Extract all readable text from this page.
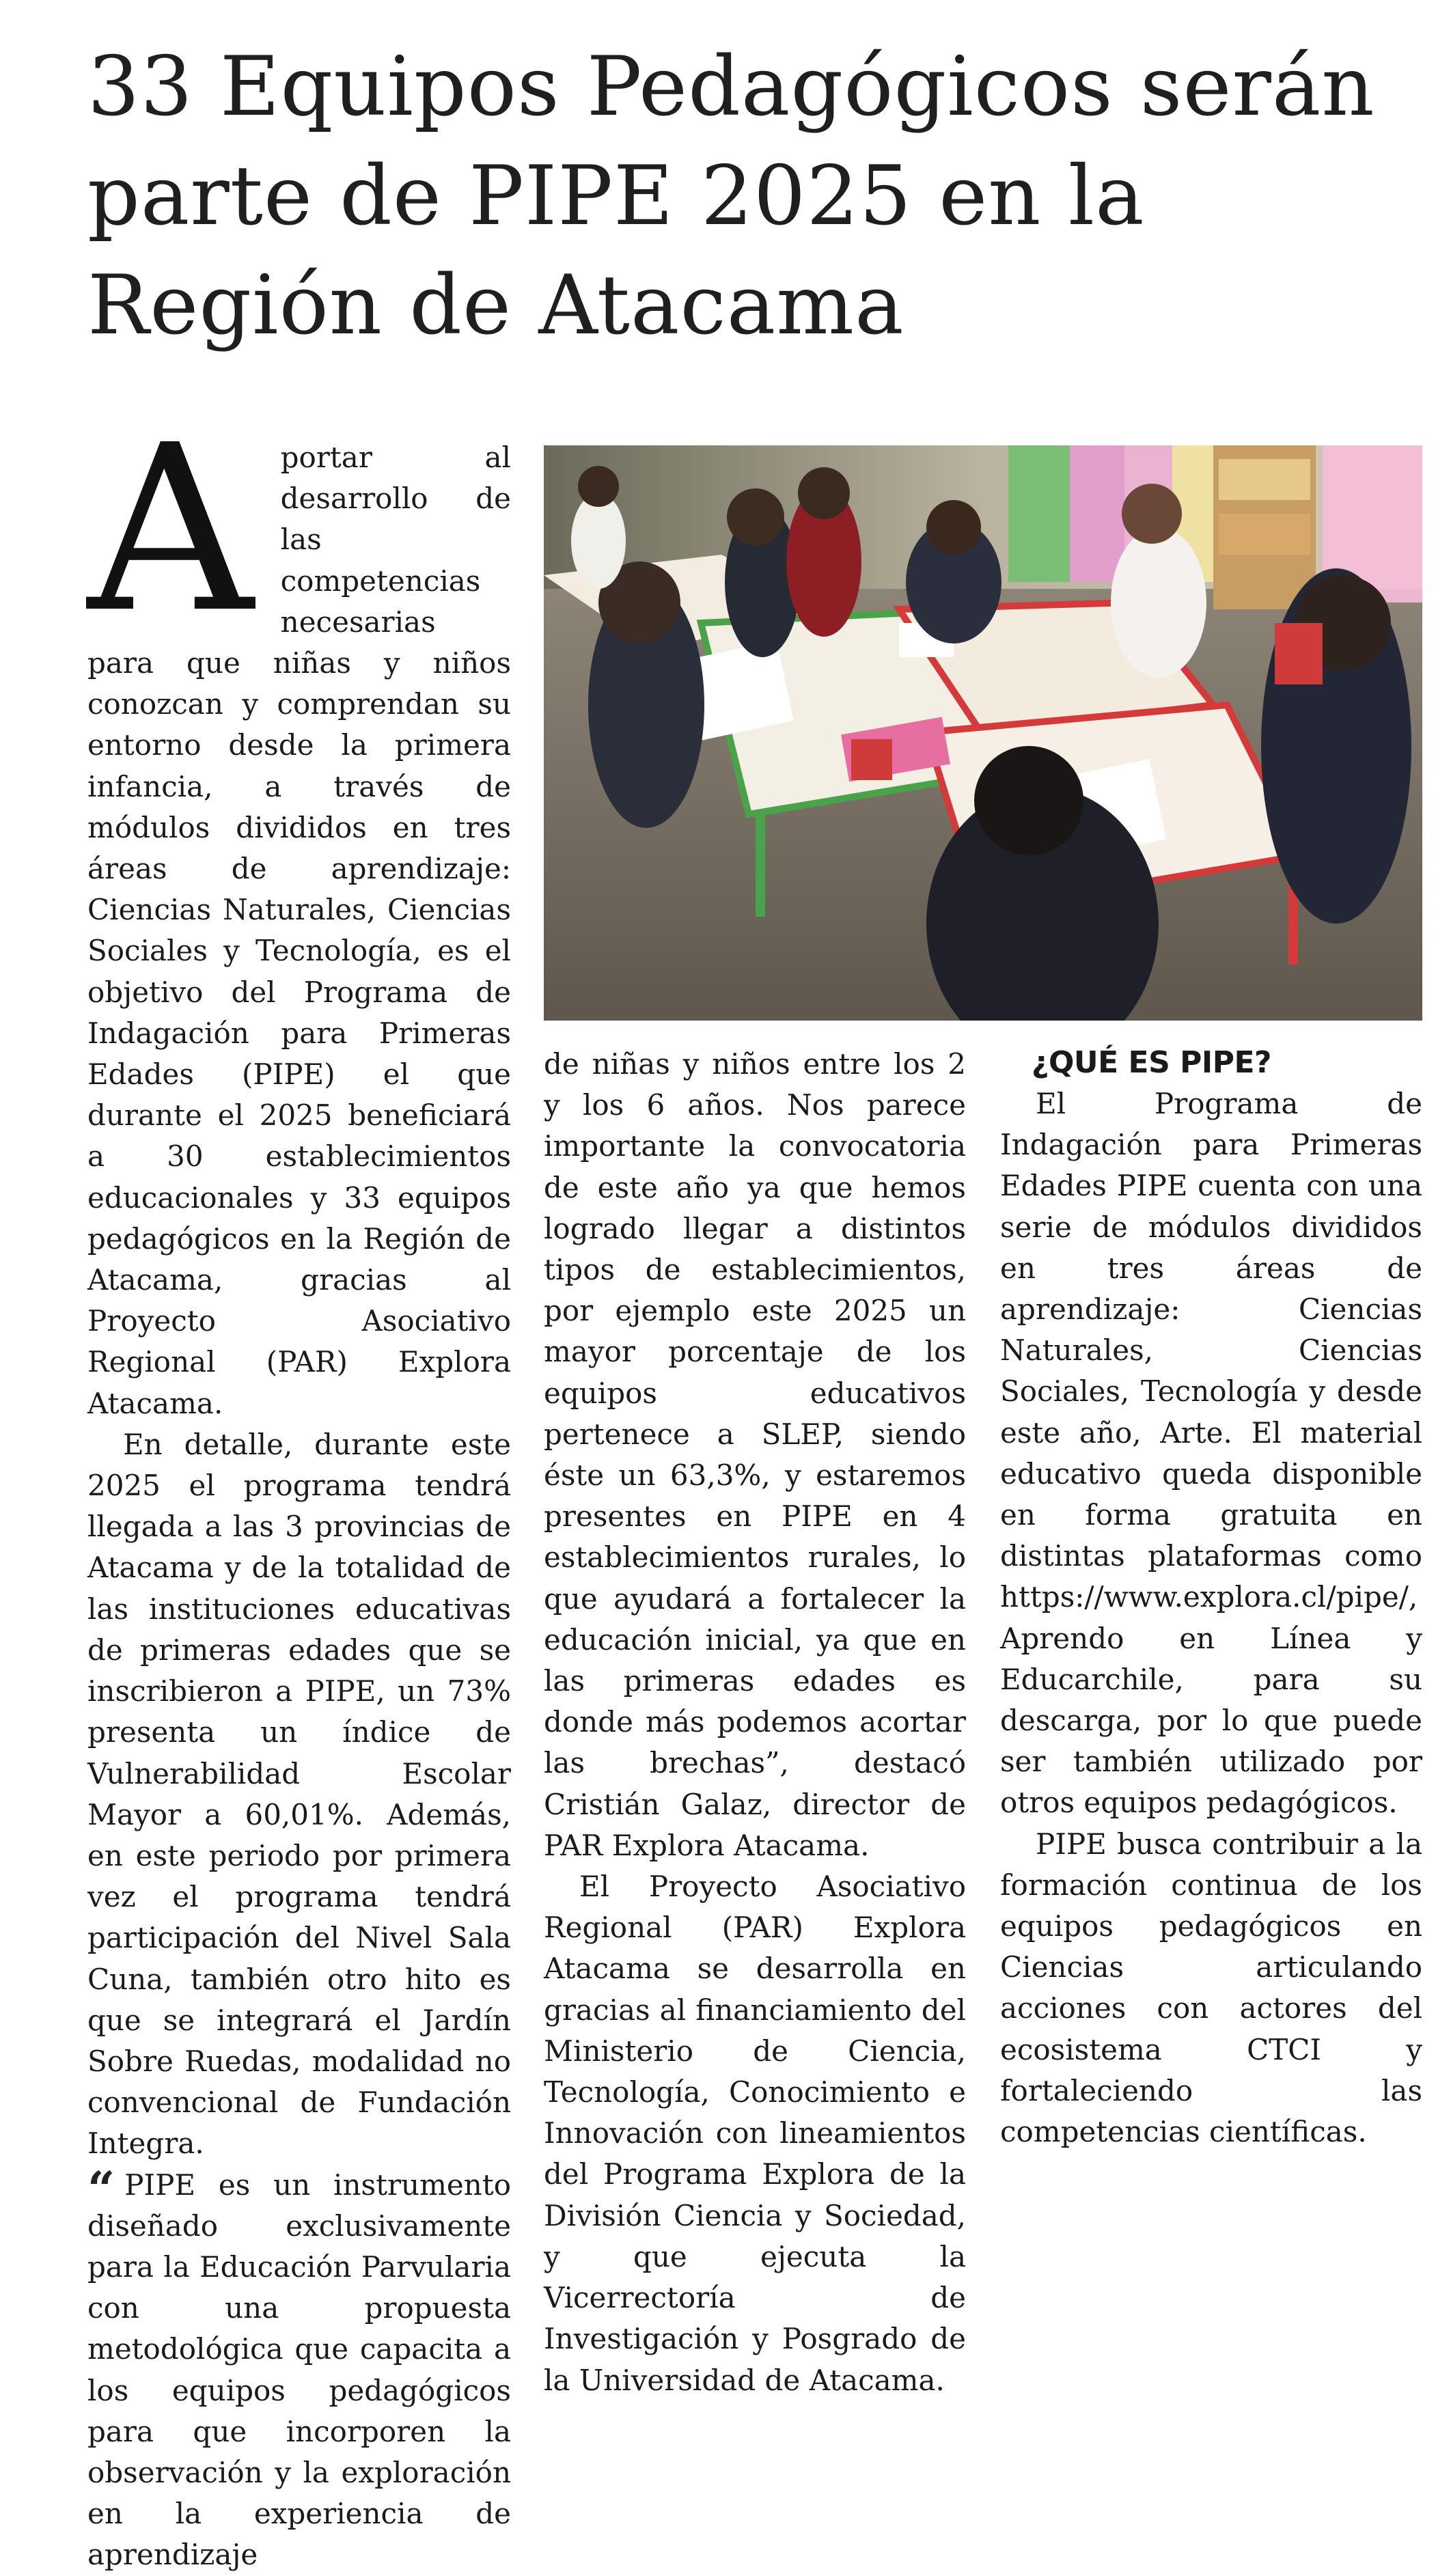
33 Equipos Pedagógicos serán parte de PIPE 2025 en la Región de Atacama
A portar al desarrollo de las competencias necesarias para que niñas y niños conozcan y comprendan su entorno desde la primera infancia, a través de módulos divididos en tres áreas de aprendizaje: Ciencias Naturales, Ciencias Sociales y Tecnología, es el objetivo del Programa de Indagación para Primeras Edades (PIPE) el que durante el 2025 beneficiará a 30 establecimientos educacionales y 33 equipos pedagógicos en la Región de Atacama, gracias al Proyecto Asociativo Regional (PAR) Explora Atacama.

En detalle, durante este 2025 el programa tendrá llegada a las 3 provincias de Atacama y de la totalidad de las instituciones educativas de primeras edades que se inscribieron a PIPE, un 73% presenta un índice de Vulnerabilidad Escolar Mayor a 60,01%. Además, en este periodo por primera vez el programa tendrá participación del Nivel Sala Cuna, también otro hito es que se integrará el Jardín Sobre Ruedas, modalidad no convencional de Fundación Integra.

“ PIPE es un instrumento diseñado exclusivamente para la Educación Parvularia con una propuesta metodológica que capacita a los equipos pedagógicos para que incorporen la observación y la exploración en la experiencia de aprendizaje

de niñas y niños entre los 2 y los 6 años. Nos parece importante la convocatoria de este año ya que hemos logrado llegar a distintos tipos de establecimientos, por ejemplo este 2025 un mayor porcentaje de los equipos educativos pertenece a SLEP, siendo éste un 63,3%, y estaremos presentes en PIPE en 4 establecimientos rurales, lo que ayudará a fortalecer la educación inicial, ya que en las primeras edades es donde más podemos acortar las brechas”, destacó Cristián Galaz, director de PAR Explora Atacama.

El Proyecto Asociativo Regional (PAR) Explora Atacama se desarrolla en gracias al financiamiento del Ministerio de Ciencia, Tecnología, Conocimiento e Innovación con lineamientos del Programa Explora de la División Ciencia y Sociedad, y que ejecuta la Vicerrectoría de Investigación y Posgrado de la Universidad de Atacama.

¿QUÉ ES PIPE?

El Programa de Indagación para Primeras Edades PIPE cuenta con una serie de módulos divididos en tres áreas de aprendizaje: Ciencias Naturales, Ciencias Sociales, Tecnología y desde este año, Arte. El material educativo queda disponible en forma gratuita en distintas plataformas como https://www.explora.cl/pipe/, Aprendo en Línea y Educarchile, para su descarga, por lo que puede ser también utilizado por otros equipos pedagógicos.

PIPE busca contribuir a la formación continua de los equipos pedagógicos en Ciencias articulando acciones con actores del ecosistema CTCI y fortaleciendo las competencias científicas.
